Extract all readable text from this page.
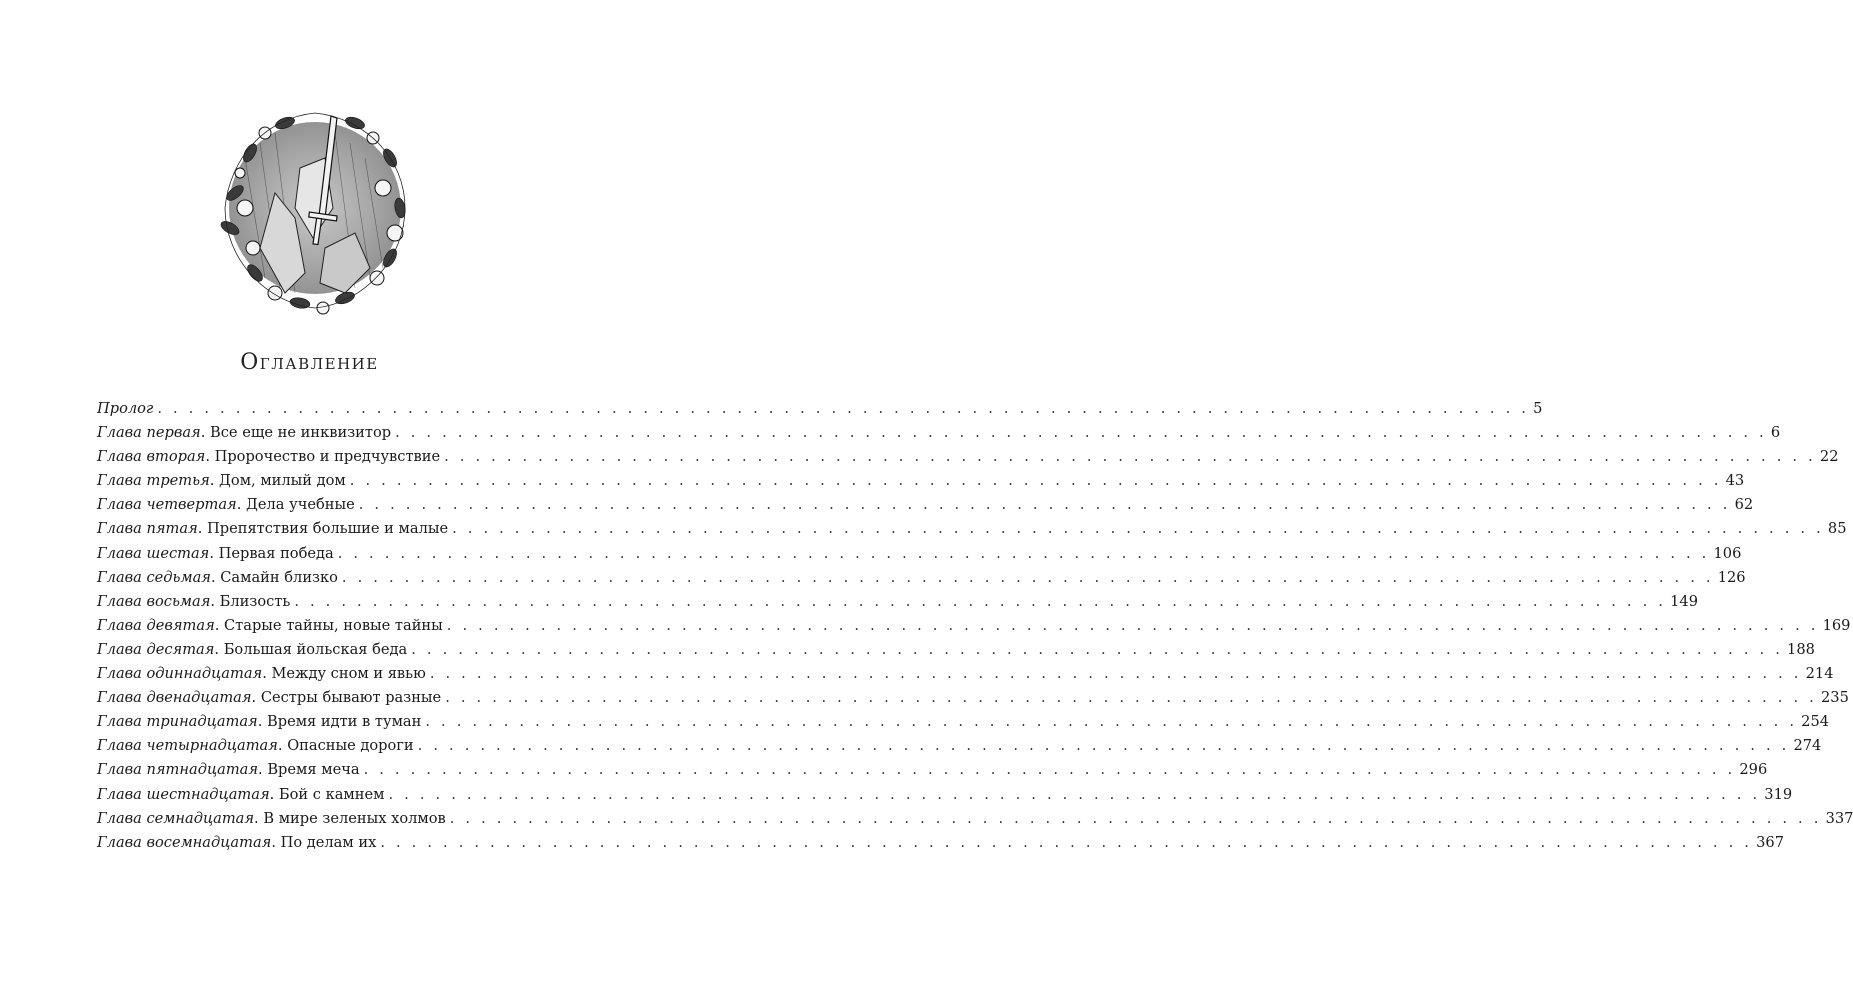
Оглавление
Пролог . . .	5
Глава первая. Все еще не инквизитор . . .	6
Глава вторая. Пророчество и предчувствие . . .	22
Глава третья. Дом, милый дом . . .	43
Глава четвертая. Дела учебные . . .	62
Глава пятая. Препятствия большие и малые . . .	85
Глава шестая. Первая победа . . .	106
Глава седьмая. Самайн близко . . .	126
Глава восьмая. Близость . . .	149
Глава девятая. Старые тайны, новые тайны . . .	169
Глава десятая. Большая йольская беда . . .	188
Глава одиннадцатая. Между сном и явью . . .	214
Глава двенадцатая. Сестры бывают разные . . .	235
Глава тринадцатая. Время идти в туман . . .	254
Глава четырнадцатая. Опасные дороги . . .	274
Глава пятнадцатая. Время меча . . .	296
Глава шестнадцатая. Бой с камнем . . .	319
Глава семнадцатая. В мире зеленых холмов . . .	337
Глава восемнадцатая. По делам их . . .	367
